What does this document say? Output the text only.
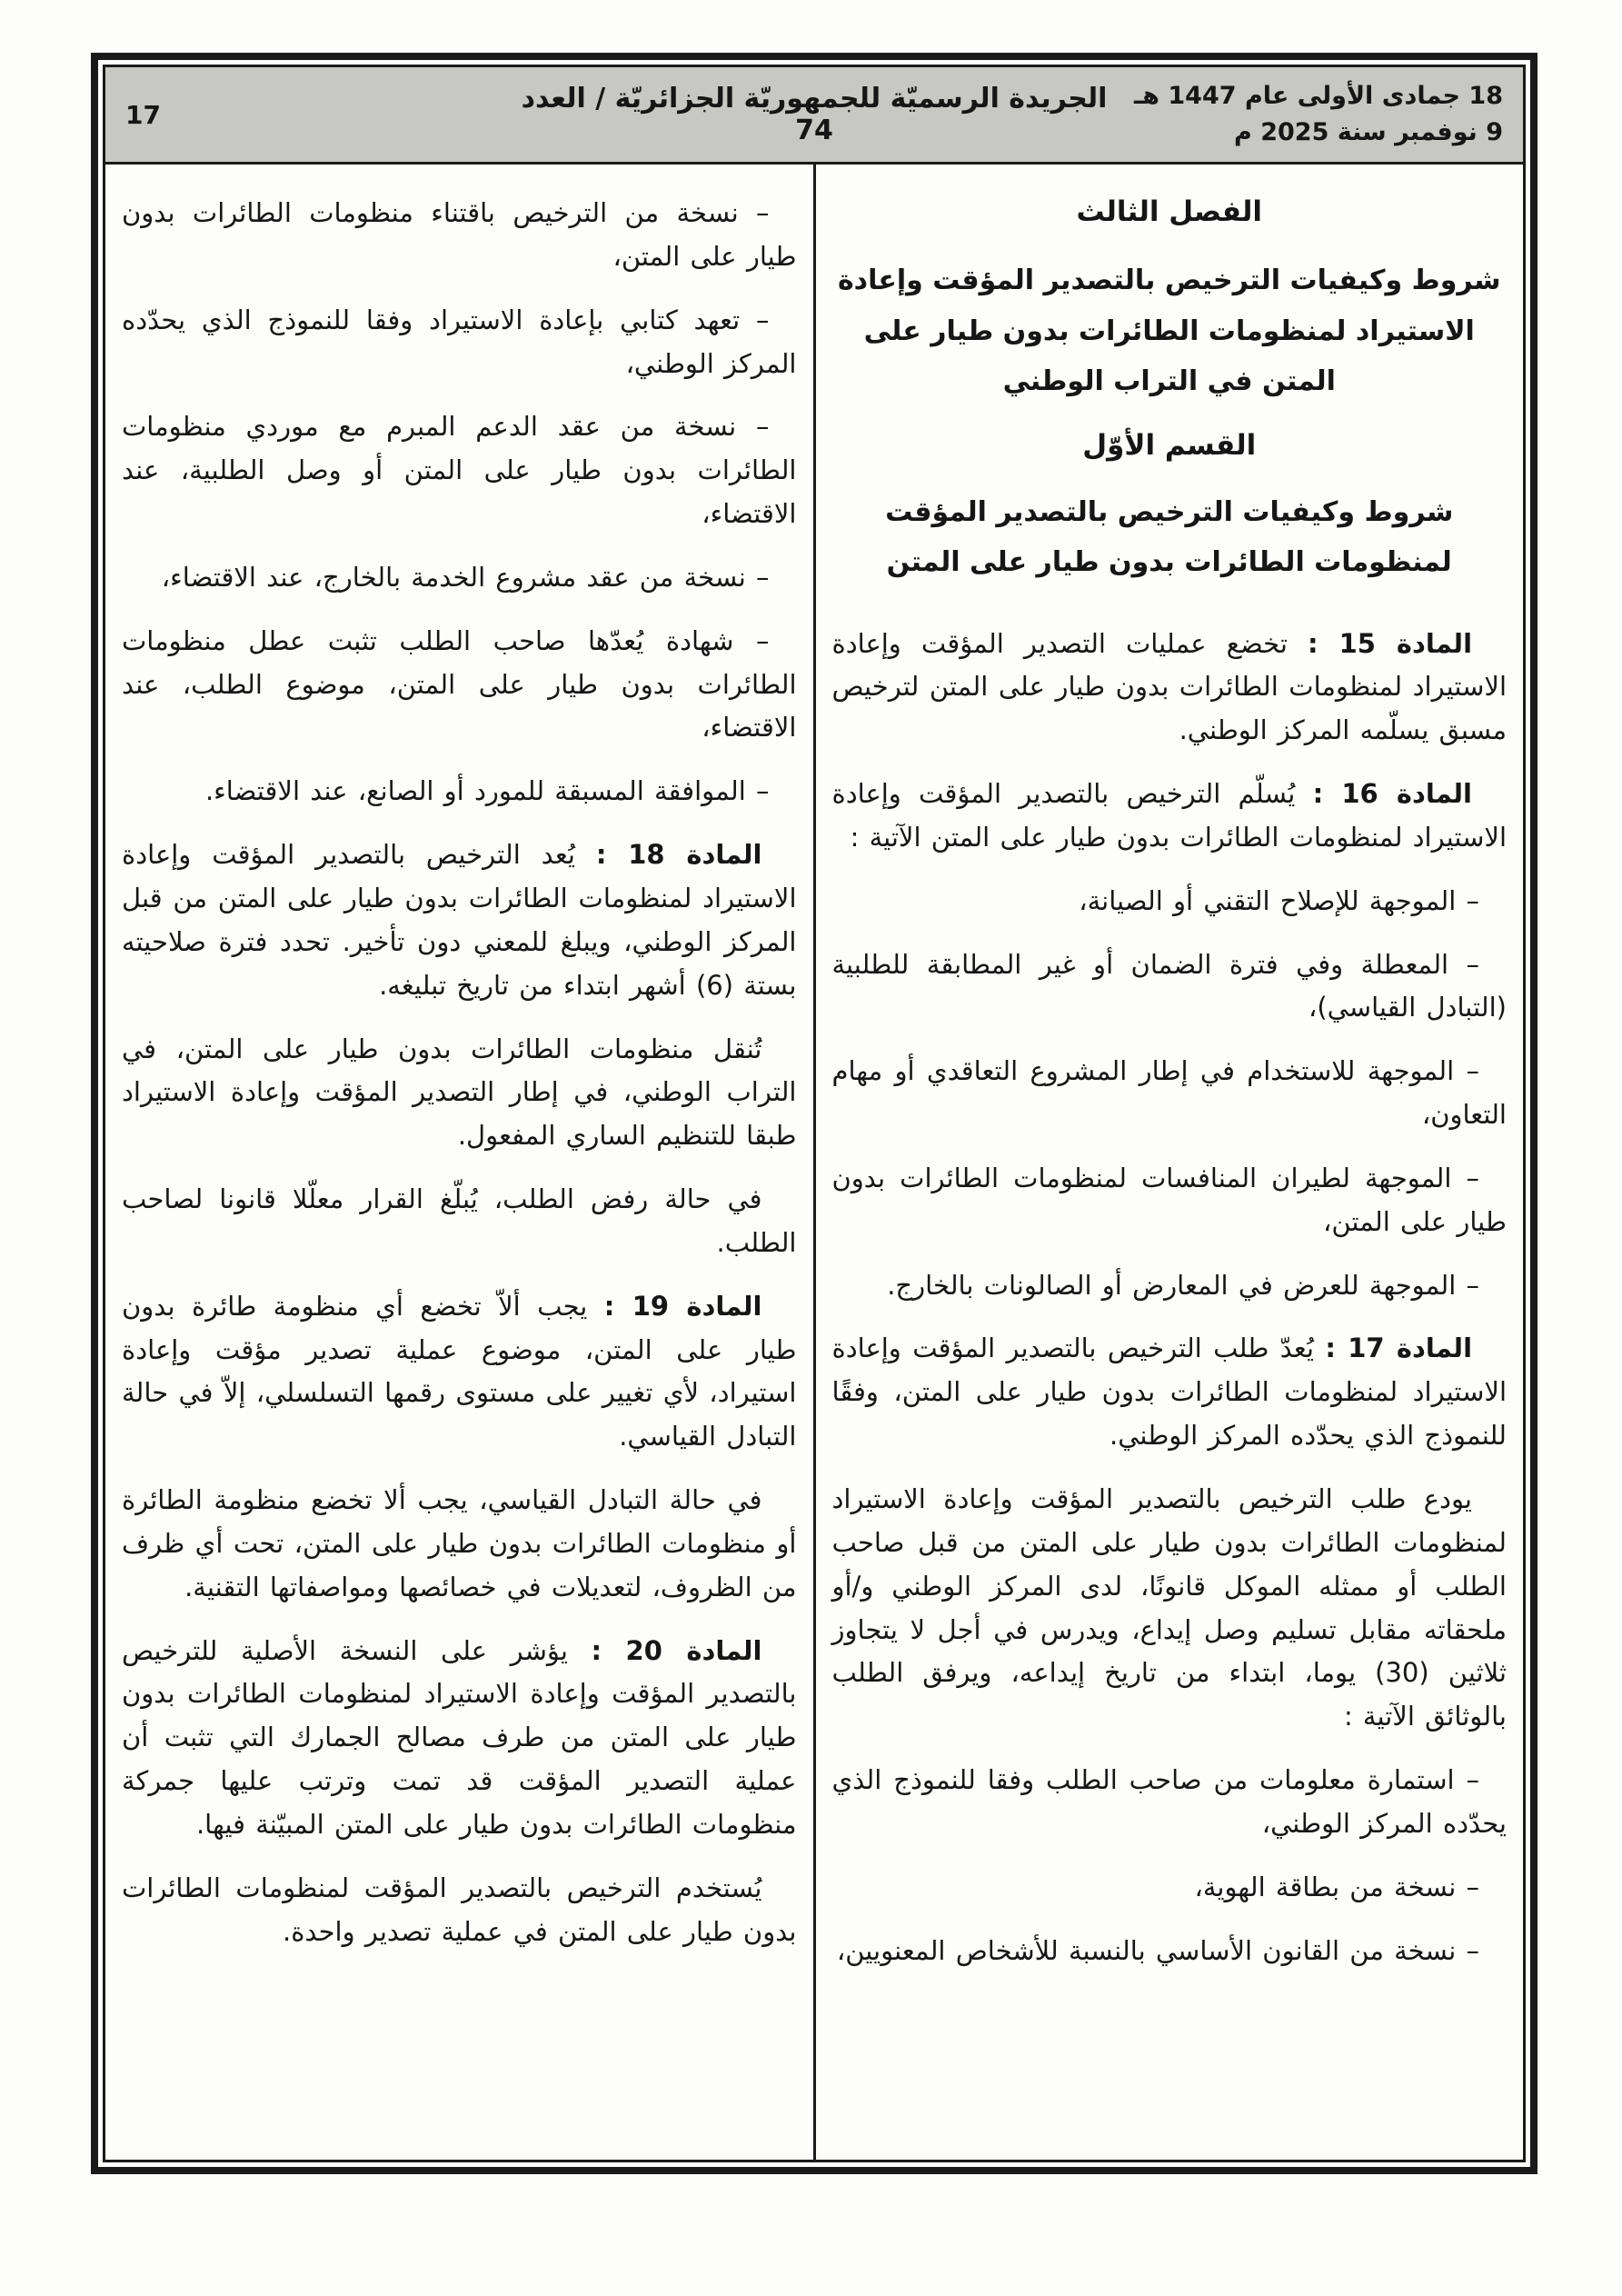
18 جمادى الأولى عام 1447 هـ
9 نوفمبر سنة 2025 م
الجريدة الرسميّة للجمهوريّة الجزائريّة / العدد 74
17
الفصل الثالث
شروط وكيفيات الترخيص بالتصدير المؤقت وإعادة الاستيراد لمنظومات الطائرات بدون طيار على المتن في التراب الوطني
القسم الأوّل
شروط وكيفيات الترخيص بالتصدير المؤقت لمنظومات الطائرات بدون طيار على المتن

المادة 15 : تخضع عمليات التصدير المؤقت وإعادة الاستيراد لمنظومات الطائرات بدون طيار على المتن لترخيص مسبق يسلّمه المركز الوطني.

المادة 16 : يُسلّم الترخيص بالتصدير المؤقت وإعادة الاستيراد لمنظومات الطائرات بدون طيار على المتن الآتية :

– الموجهة للإصلاح التقني أو الصيانة،

– المعطلة وفي فترة الضمان أو غير المطابقة للطلبية (التبادل القياسي)،

– الموجهة للاستخدام في إطار المشروع التعاقدي أو مهام التعاون،

– الموجهة لطيران المنافسات لمنظومات الطائرات بدون طيار على المتن،

– الموجهة للعرض في المعارض أو الصالونات بالخارج.

المادة 17 : يُعدّ طلب الترخيص بالتصدير المؤقت وإعادة الاستيراد لمنظومات الطائرات بدون طيار على المتن، وفقًا للنموذج الذي يحدّده المركز الوطني.

يودع طلب الترخيص بالتصدير المؤقت وإعادة الاستيراد لمنظومات الطائرات بدون طيار على المتن من قبل صاحب الطلب أو ممثله الموكل قانونًا، لدى المركز الوطني و/أو ملحقاته مقابل تسليم وصل إيداع، ويدرس في أجل لا يتجاوز ثلاثين (30) يوما، ابتداء من تاريخ إيداعه، ويرفق الطلب بالوثائق الآتية :

– استمارة معلومات من صاحب الطلب وفقا للنموذج الذي يحدّده المركز الوطني،

– نسخة من بطاقة الهوية،

– نسخة من القانون الأساسي بالنسبة للأشخاص المعنويين،

– نسخة من الترخيص باقتناء منظومات الطائرات بدون طيار على المتن،

– تعهد كتابي بإعادة الاستيراد وفقا للنموذج الذي يحدّده المركز الوطني،

– نسخة من عقد الدعم المبرم مع موردي منظومات الطائرات بدون طيار على المتن أو وصل الطلبية، عند الاقتضاء،

– نسخة من عقد مشروع الخدمة بالخارج، عند الاقتضاء،

– شهادة يُعدّها صاحب الطلب تثبت عطل منظومات الطائرات بدون طيار على المتن، موضوع الطلب، عند الاقتضاء،

– الموافقة المسبقة للمورد أو الصانع، عند الاقتضاء.

المادة 18 : يُعد الترخيص بالتصدير المؤقت وإعادة الاستيراد لمنظومات الطائرات بدون طيار على المتن من قبل المركز الوطني، ويبلغ للمعني دون تأخير. تحدد فترة صلاحيته بستة (6) أشهر ابتداء من تاريخ تبليغه.

تُنقل منظومات الطائرات بدون طيار على المتن، في التراب الوطني، في إطار التصدير المؤقت وإعادة الاستيراد طبقا للتنظيم الساري المفعول.

في حالة رفض الطلب، يُبلّغ القرار معلّلا قانونا لصاحب الطلب.

المادة 19 : يجب ألاّ تخضع أي منظومة طائرة بدون طيار على المتن، موضوع عملية تصدير مؤقت وإعادة استيراد، لأي تغيير على مستوى رقمها التسلسلي، إلاّ في حالة التبادل القياسي.

في حالة التبادل القياسي، يجب ألا تخضع منظومة الطائرة أو منظومات الطائرات بدون طيار على المتن، تحت أي ظرف من الظروف، لتعديلات في خصائصها ومواصفاتها التقنية.

المادة 20 : يؤشر على النسخة الأصلية للترخيص بالتصدير المؤقت وإعادة الاستيراد لمنظومات الطائرات بدون طيار على المتن من طرف مصالح الجمارك التي تثبت أن عملية التصدير المؤقت قد تمت وترتب عليها جمركة منظومات الطائرات بدون طيار على المتن المبيّنة فيها.

يُستخدم الترخيص بالتصدير المؤقت لمنظومات الطائرات بدون طيار على المتن في عملية تصدير واحدة.
